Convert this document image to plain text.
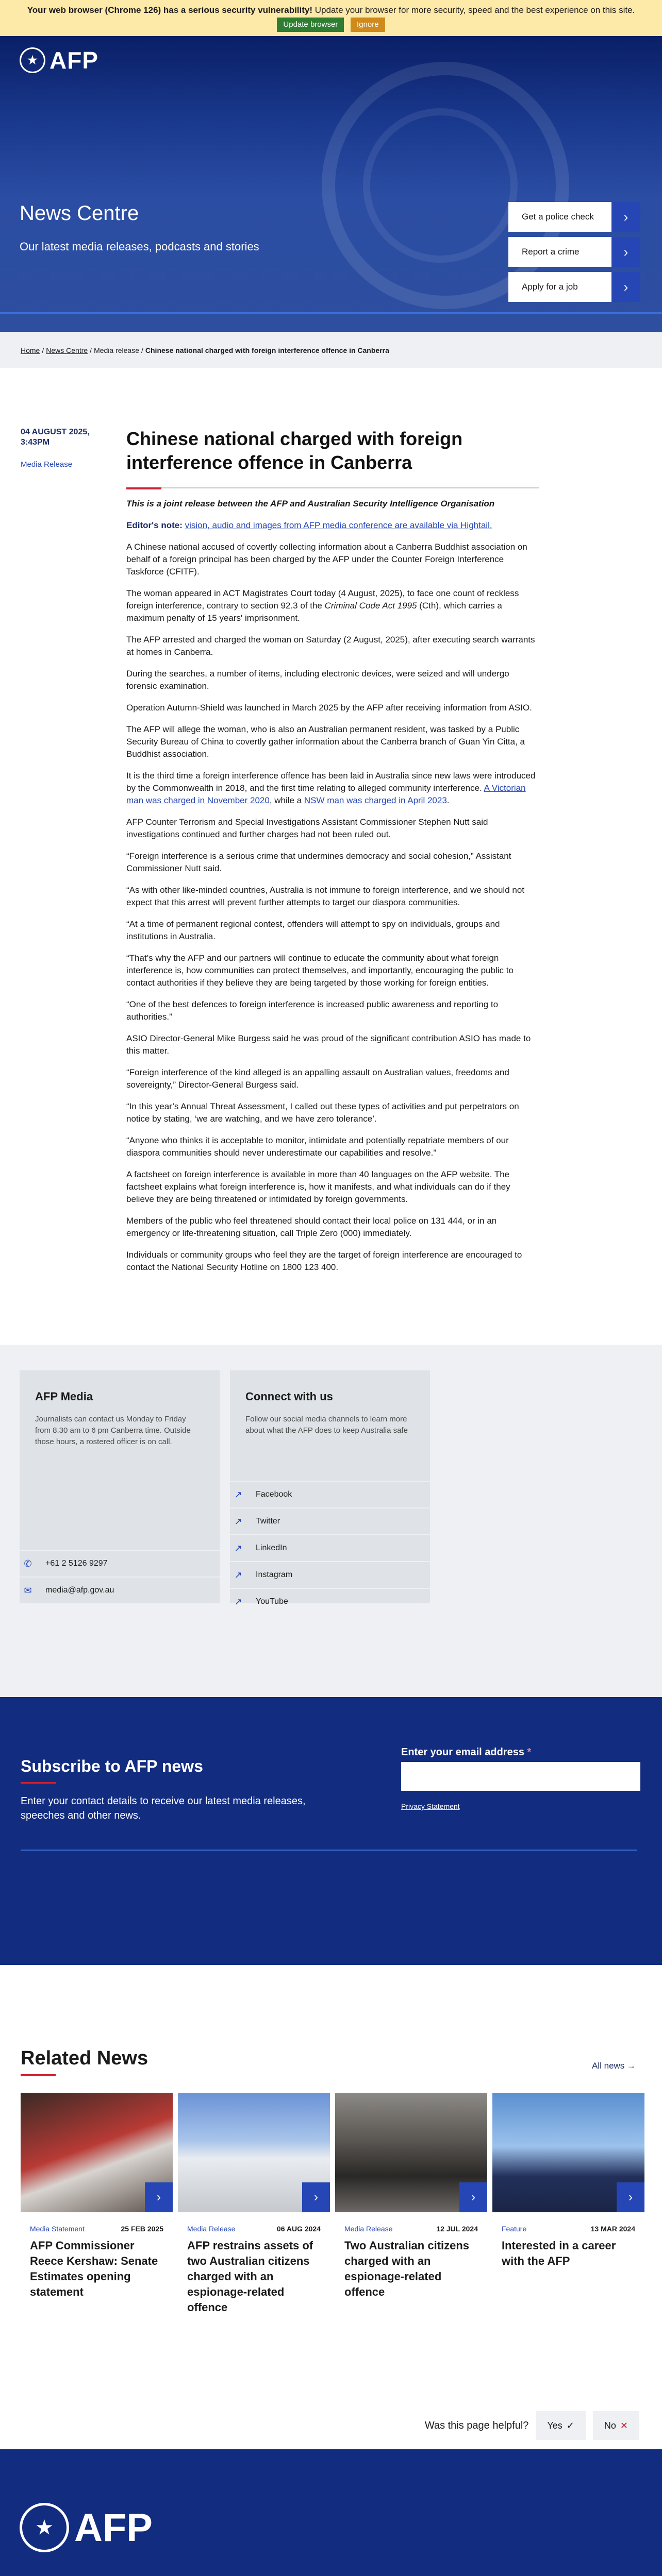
Your web browser (Chrome 126) has a serious security vulnerability! Update your browser for more security, speed and the best experience on this site.
Update browser Ignore
★ AFP
News Centre

Our latest media releases, podcasts and stories

Get a police check	›
Report a crime	›
Apply for a job	›
Home / News Centre / Media release / Chinese national charged with foreign interference offence in Canberra
04 AUGUST 2025, 3:43PM
Media Release
Chinese national charged with foreign interference offence in Canberra

This is a joint release between the AFP and Australian Security Intelligence Organisation

Editor's note: vision, audio and images from AFP media conference are available via Hightail.

A Chinese national accused of covertly collecting information about a Canberra Buddhist association on behalf of a foreign principal has been charged by the AFP under the Counter Foreign Interference Taskforce (CFITF).

The woman appeared in ACT Magistrates Court today (4 August, 2025), to face one count of reckless foreign interference, contrary to section 92.3 of the Criminal Code Act 1995 (Cth), which carries a maximum penalty of 15 years' imprisonment.

The AFP arrested and charged the woman on Saturday (2 August, 2025), after executing search warrants at homes in Canberra.

During the searches, a number of items, including electronic devices, were seized and will undergo forensic examination.

Operation Autumn-Shield was launched in March 2025 by the AFP after receiving information from ASIO.

The AFP will allege the woman, who is also an Australian permanent resident, was tasked by a Public Security Bureau of China to covertly gather information about the Canberra branch of Guan Yin Citta, a Buddhist association.

It is the third time a foreign interference offence has been laid in Australia since new laws were introduced by the Commonwealth in 2018, and the first time relating to alleged community interference. A Victorian man was charged in November 2020, while a NSW man was charged in April 2023.

AFP Counter Terrorism and Special Investigations Assistant Commissioner Stephen Nutt said investigations continued and further charges had not been ruled out.

“Foreign interference is a serious crime that undermines democracy and social cohesion,” Assistant Commissioner Nutt said.

“As with other like-minded countries, Australia is not immune to foreign interference, and we should not expect that this arrest will prevent further attempts to target our diaspora communities.

“At a time of permanent regional contest, offenders will attempt to spy on individuals, groups and institutions in Australia.

“That’s why the AFP and our partners will continue to educate the community about what foreign interference is, how communities can protect themselves, and importantly, encouraging the public to contact authorities if they believe they are being targeted by those working for foreign entities.

“One of the best defences to foreign interference is increased public awareness and reporting to authorities.”

ASIO Director-General Mike Burgess said he was proud of the significant contribution ASIO has made to this matter.

“Foreign interference of the kind alleged is an appalling assault on Australian values, freedoms and sovereignty,” Director-General Burgess said.

“In this year’s Annual Threat Assessment, I called out these types of activities and put perpetrators on notice by stating, ‘we are watching, and we have zero tolerance’.

“Anyone who thinks it is acceptable to monitor, intimidate and potentially repatriate members of our diaspora communities should never underestimate our capabilities and resolve.”

A factsheet on foreign interference is available in more than 40 languages on the AFP website. The factsheet explains what foreign interference is, how it manifests, and what individuals can do if they believe they are being threatened or intimidated by foreign governments.

Members of the public who feel threatened should contact their local police on 131 444, or in an emergency or life-threatening situation, call Triple Zero (000) immediately.

Individuals or community groups who feel they are the target of foreign interference are encouraged to contact the National Security Hotline on 1800 123 400.

AFP Media
Journalists can contact us Monday to Friday from 8.30 am to 6 pm Canberra time. Outside those hours, a rostered officer is on call.
✆	+61 2 5126 9297
✉	media@afp.gov.au
Connect with us
Follow our social media channels to learn more about what the AFP does to keep Australia safe
↗	Facebook
↗	Twitter
↗	LinkedIn
↗	Instagram
↗	YouTube
Subscribe to AFP news
Enter your contact details to receive our latest media releases, speeches and other news.
Enter your email address *
Privacy Statement
Related News	All news →
›
Media Statement	25 FEB 2025
AFP Commissioner Reece Kershaw: Senate Estimates opening statement
›
Media Release	06 AUG 2024
AFP restrains assets of two Australian citizens charged with an espionage-related offence
›
Media Release	12 JUL 2024
Two Australian citizens charged with an espionage-related offence
›
Feature	13 MAR 2024
Interested in a career with the AFP
Was this page helpful? Yes ✓	No ✕
★ AFP
